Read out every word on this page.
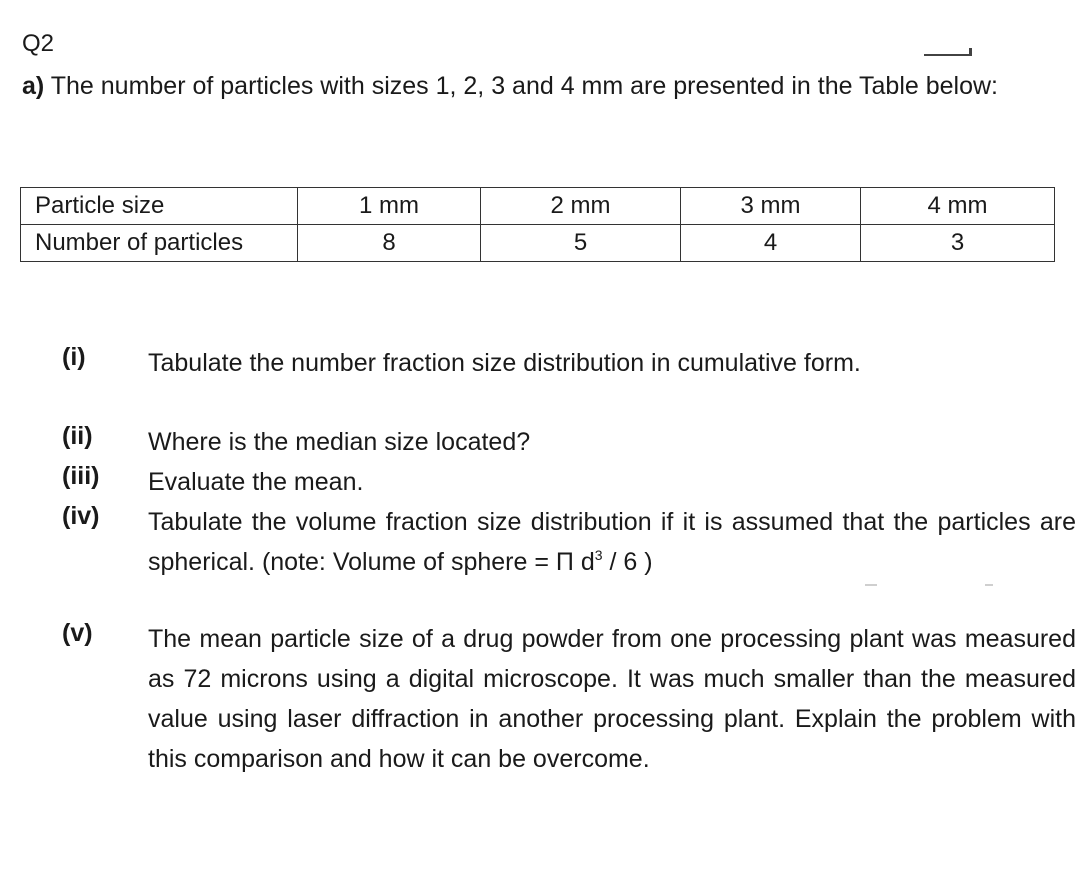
Q2
a) The number of particles with sizes 1, 2, 3 and 4 mm are presented in the Table below:
Particle size	1 mm	2 mm	3 mm	4 mm
Number of particles	8	5	4	3
(i) Tabulate the number fraction size distribution in cumulative form.
(ii) Where is the median size located?
(iii) Evaluate the mean.
(iv) Tabulate the volume fraction size distribution if it is assumed that the particles are spherical. (note: Volume of sphere = Π $d^3 / 6$ )
(v) The mean particle size of a drug powder from one processing plant was measured as 72 microns using a digital microscope. It was much smaller than the measured value using laser diffraction in another processing plant. Explain the problem with this comparison and how it can be overcome.
